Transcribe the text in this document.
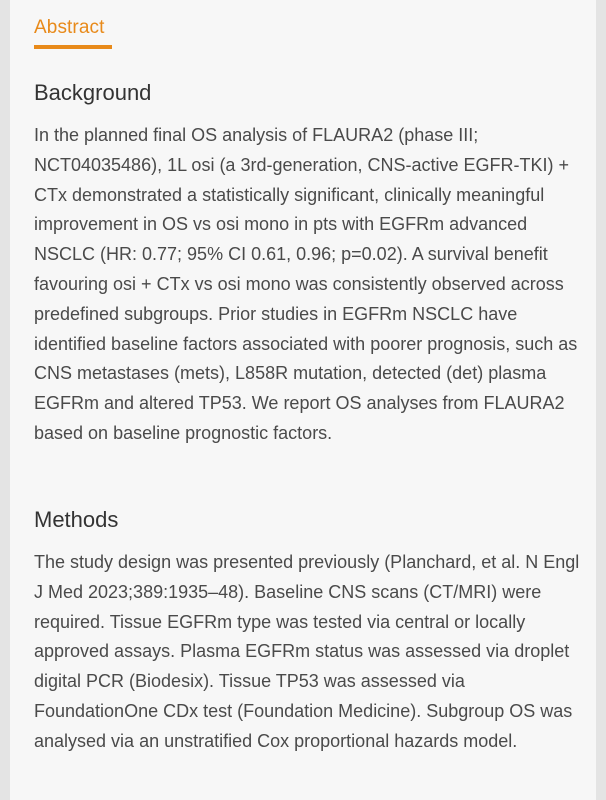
Abstract
Background

In the planned final OS analysis of FLAURA2 (phase III; NCT04035486), 1L osi (a 3rd-generation, CNS-active EGFR-TKI) + CTx demonstrated a statistically significant, clinically meaningful improvement in OS vs osi mono in pts with EGFRm advanced NSCLC (HR: 0.77; 95% CI 0.61, 0.96; p=0.02). A survival benefit favouring osi + CTx vs osi mono was consistently observed across predefined subgroups. Prior studies in EGFRm NSCLC have identified baseline factors associated with poorer prognosis, such as CNS metastases (mets), L858R mutation, detected (det) plasma EGFRm and altered TP53. We report OS analyses from FLAURA2 based on baseline prognostic factors.

Methods

The study design was presented previously (Planchard, et al. N Engl J Med 2023;389:1935–48). Baseline CNS scans (CT/MRI) were required. Tissue EGFRm type was tested via central or locally approved assays. Plasma EGFRm status was assessed via droplet digital PCR (Biodesix). Tissue TP53 was assessed via FoundationOne CDx test (Foundation Medicine). Subgroup OS was analysed via an unstratified Cox proportional hazards model.
